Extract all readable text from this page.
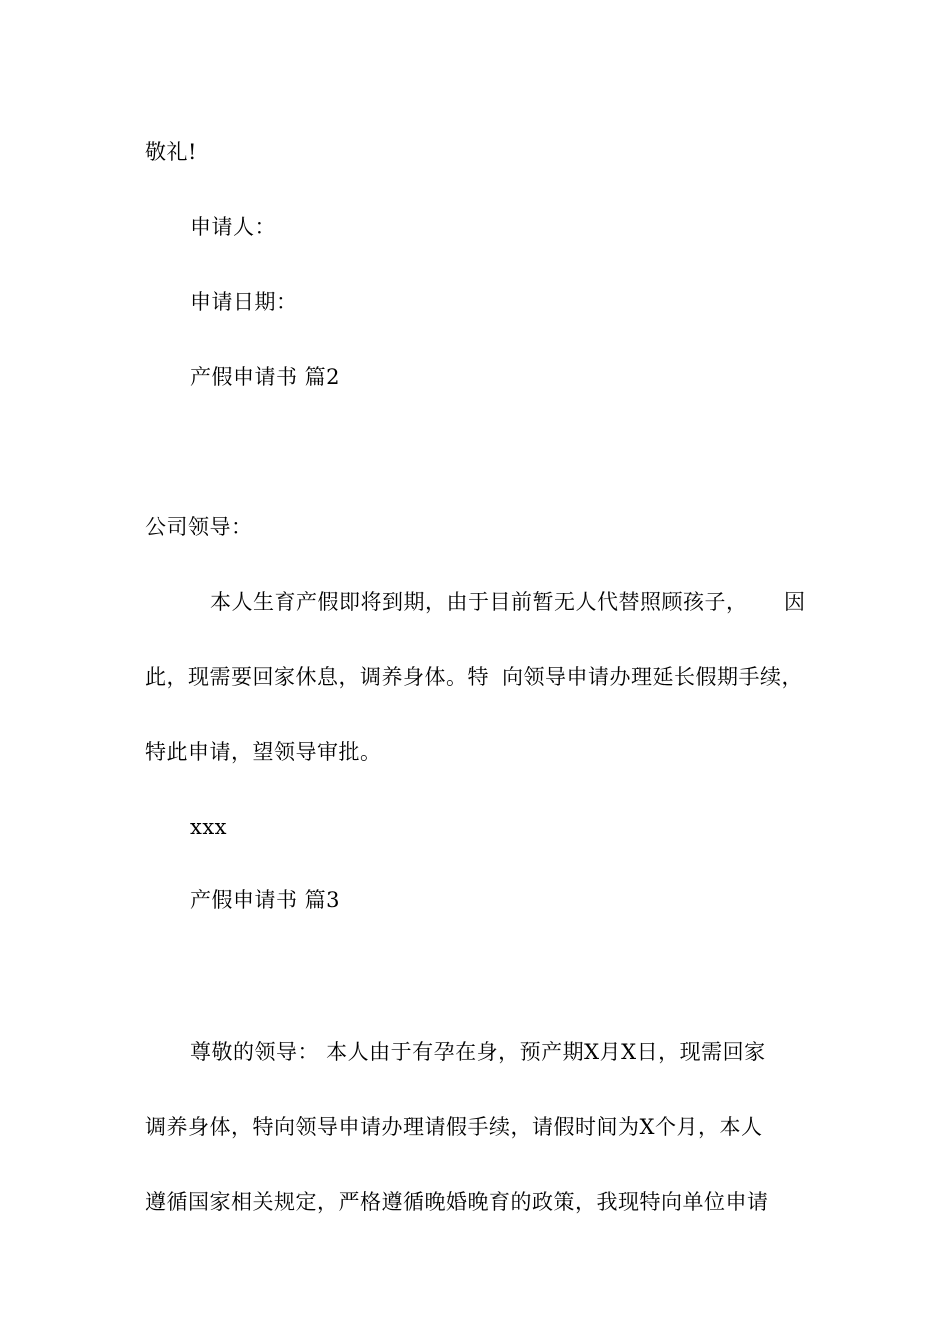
敬礼!

申请人：

申请日期：

产假申请书 篇2

公司领导：

本人生育产假即将到期，由于目前暂无人代替照顾孩子， 因

此，现需要回家休息，调养身体。特 向领导申请办理延长假期手续，

特此申请，望领导审批。

xxx

产假申请书 篇3

尊敬的领导： 本人由于有孕在身，预产期X月X日，现需回家

调养身体，特向领导申请办理请假手续，请假时间为X个月，本人

遵循国家相关规定，严格遵循晚婚晚育的政策，我现特向单位申请
